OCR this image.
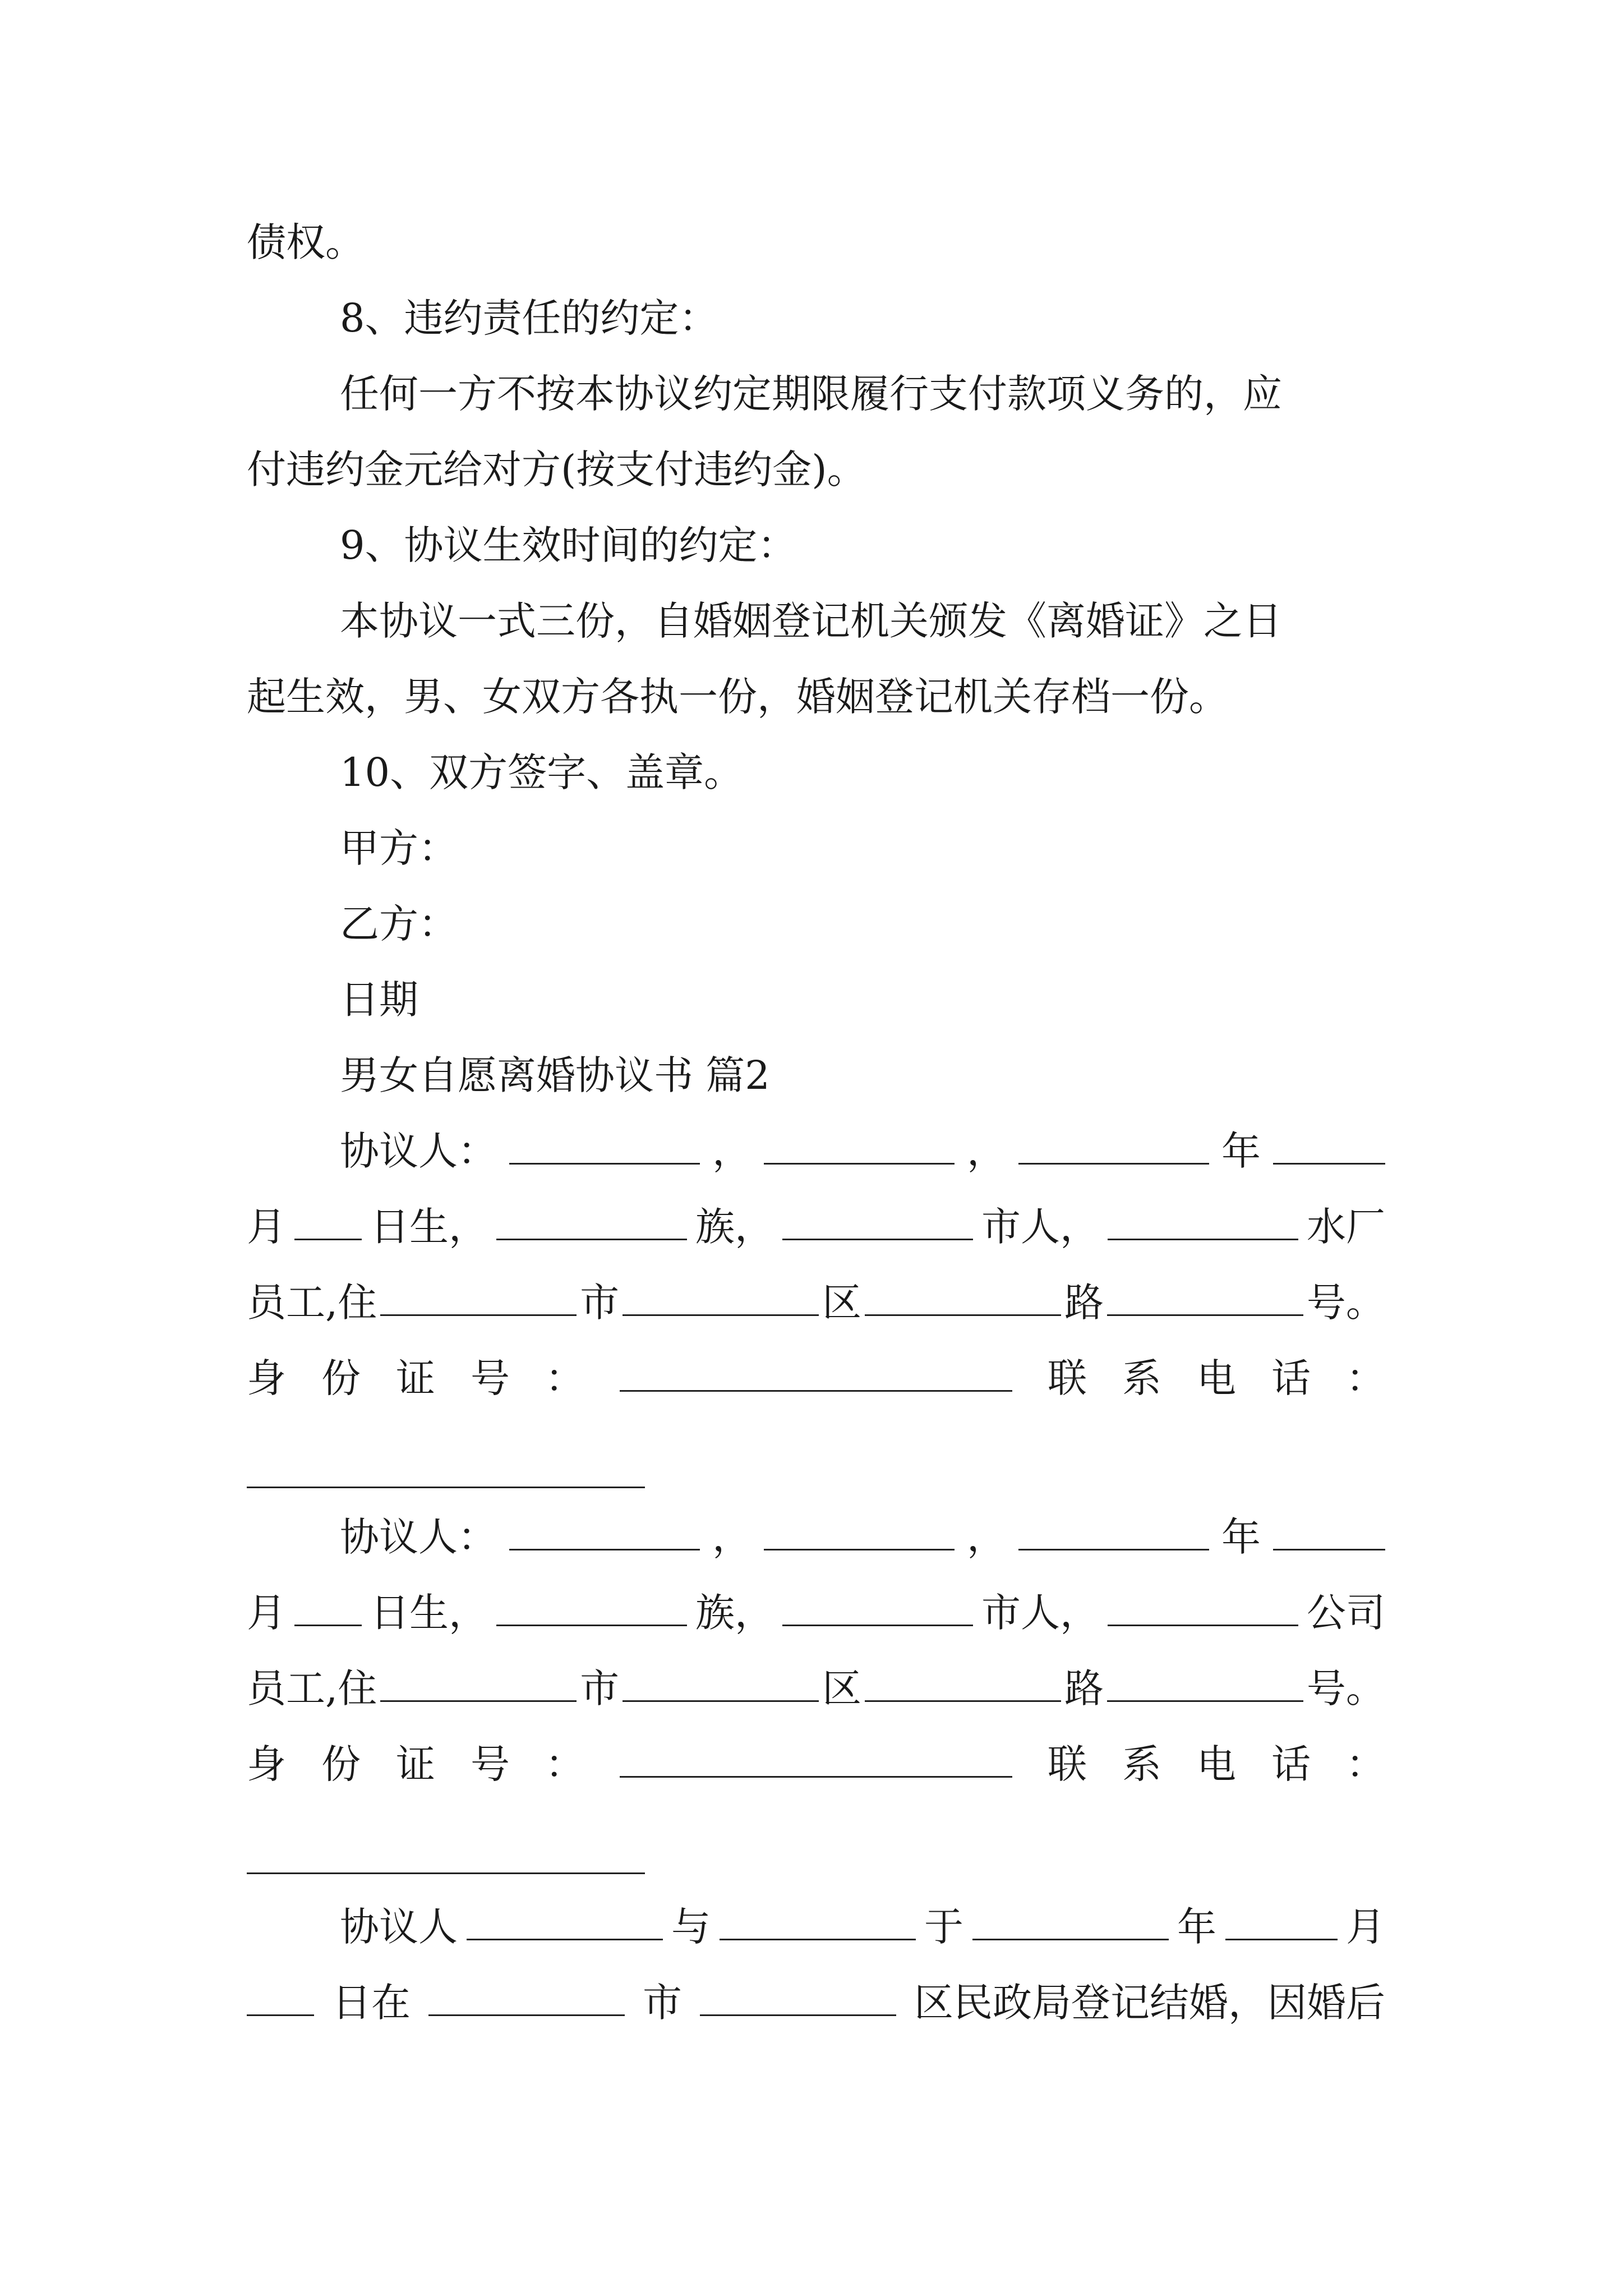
债权。
8、违约责任的约定：
任何一方不按本协议约定期限履行支付款项义务的，应
付违约金元给对方(按支付违约金)。
9、协议生效时间的约定：
本协议一式三份，自婚姻登记机关颁发《离婚证》之日
起生效，男、女双方各执一份，婚姻登记机关存档一份。
10、双方签字、盖章。
甲方：
乙方：
日期
男女自愿离婚协议书 篇2
协议人：	，	，	年
月 日生，	族，	市人，	水厂
员工,住	市	区	路	号。
身 份 证 号 ：	联 系 电 话 ：
协议人：	，	，	年
月 日生，	族，	市人，	公司
员工,住	市	区	路	号。
身 份 证 号 ：	联 系 电 话 ：
协议人	与	于	年	月
日在	市	区民政局登记结婚，因婚后
